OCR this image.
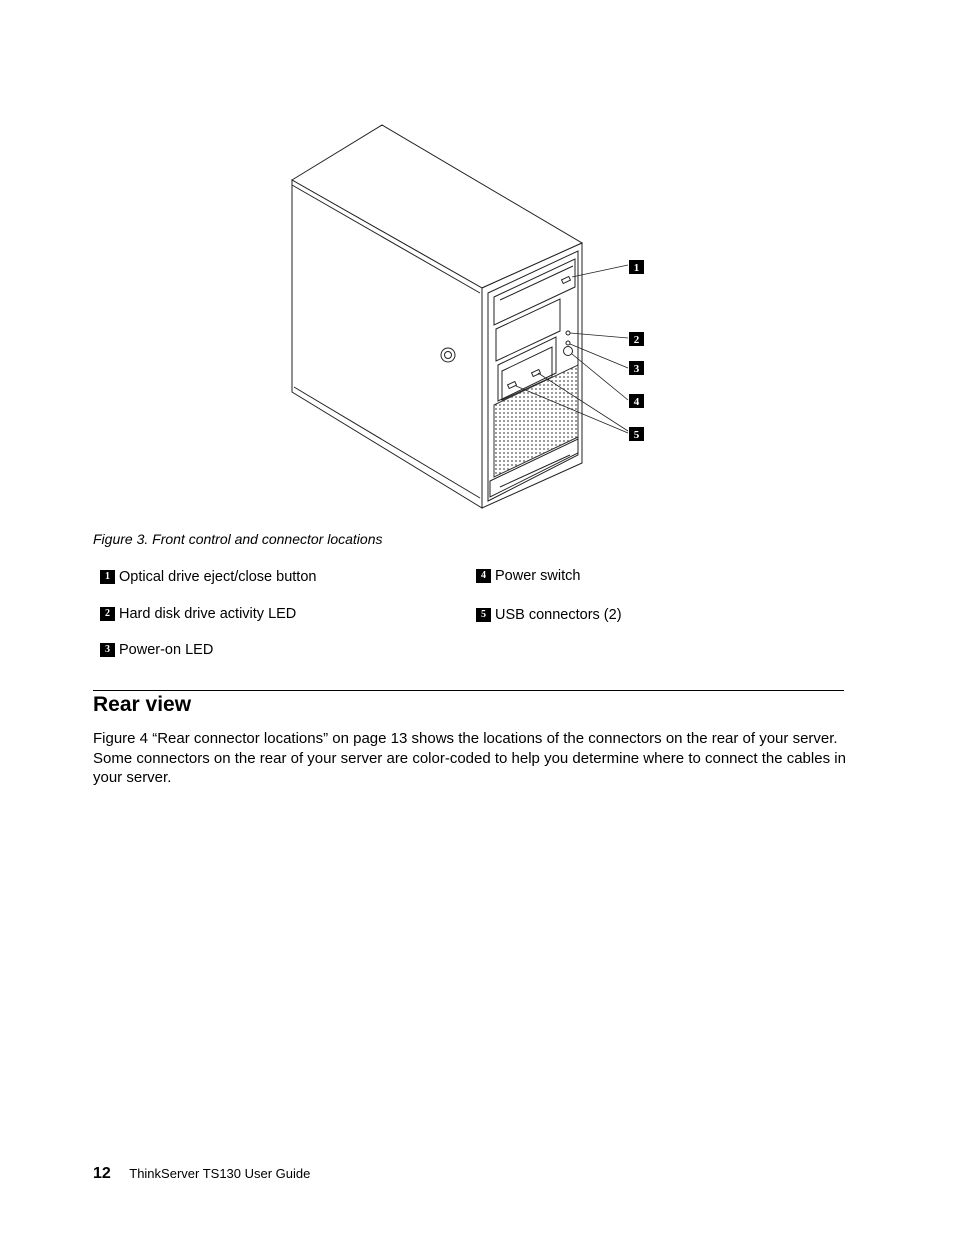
1
2
3
4
5
Figure 3. Front control and connector locations
1 Optical drive eject/close button
2 Hard disk drive activity LED
3 Power-on LED
4 Power switch
5 USB connectors (2)
Rear view

Figure 4 “Rear connector locations” on page 13 shows the locations of the connectors on the rear of your server. Some connectors on the rear of your server are color-coded to help you determine where to connect the cables in your server.

12 ThinkServer TS130 User Guide
